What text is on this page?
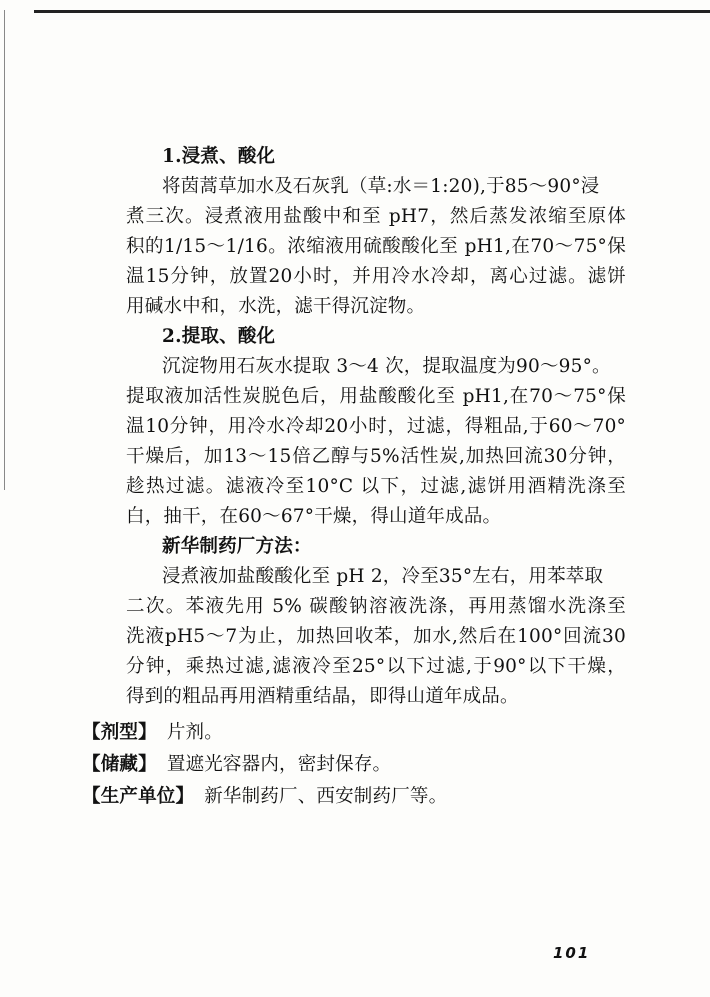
1.浸煮、酸化
将茵蒿草加水及石灰乳（草:水＝1:20),于85～90°浸
煮三次。浸煮液用盐酸中和至 pH7，然后蒸发浓缩至原体
积的1/15～1/16。浓缩液用硫酸酸化至 pH1,在70～75°保
温15分钟，放置20小时，并用冷水冷却，离心过滤。滤饼
用碱水中和，水洗，滤干得沉淀物。
2.提取、酸化
沉淀物用石灰水提取 3～4 次，提取温度为90～95°。
提取液加活性炭脱色后，用盐酸酸化至 pH1,在70～75°保
温10分钟，用冷水冷却20小时，过滤，得粗品,于60～70°
干燥后，加13～15倍乙醇与5%活性炭,加热回流30分钟，
趁热过滤。滤液冷至10°C 以下，过滤,滤饼用酒精洗涤至
白，抽干，在60～67°干燥，得山道年成品。
新华制药厂方法：
浸煮液加盐酸酸化至 pH 2，冷至35°左右，用苯萃取
二次。苯液先用 5% 碳酸钠溶液洗涤，再用蒸馏水洗涤至
洗液pH5～7为止，加热回收苯，加水,然后在100°回流30
分钟，乘热过滤,滤液冷至25°以下过滤,于90°以下干燥，
得到的粗品再用酒精重结晶，即得山道年成品。
【剂型】 片剂。
【储藏】 置遮光容器内，密封保存。
【生产单位】 新华制药厂、西安制药厂等。
101
